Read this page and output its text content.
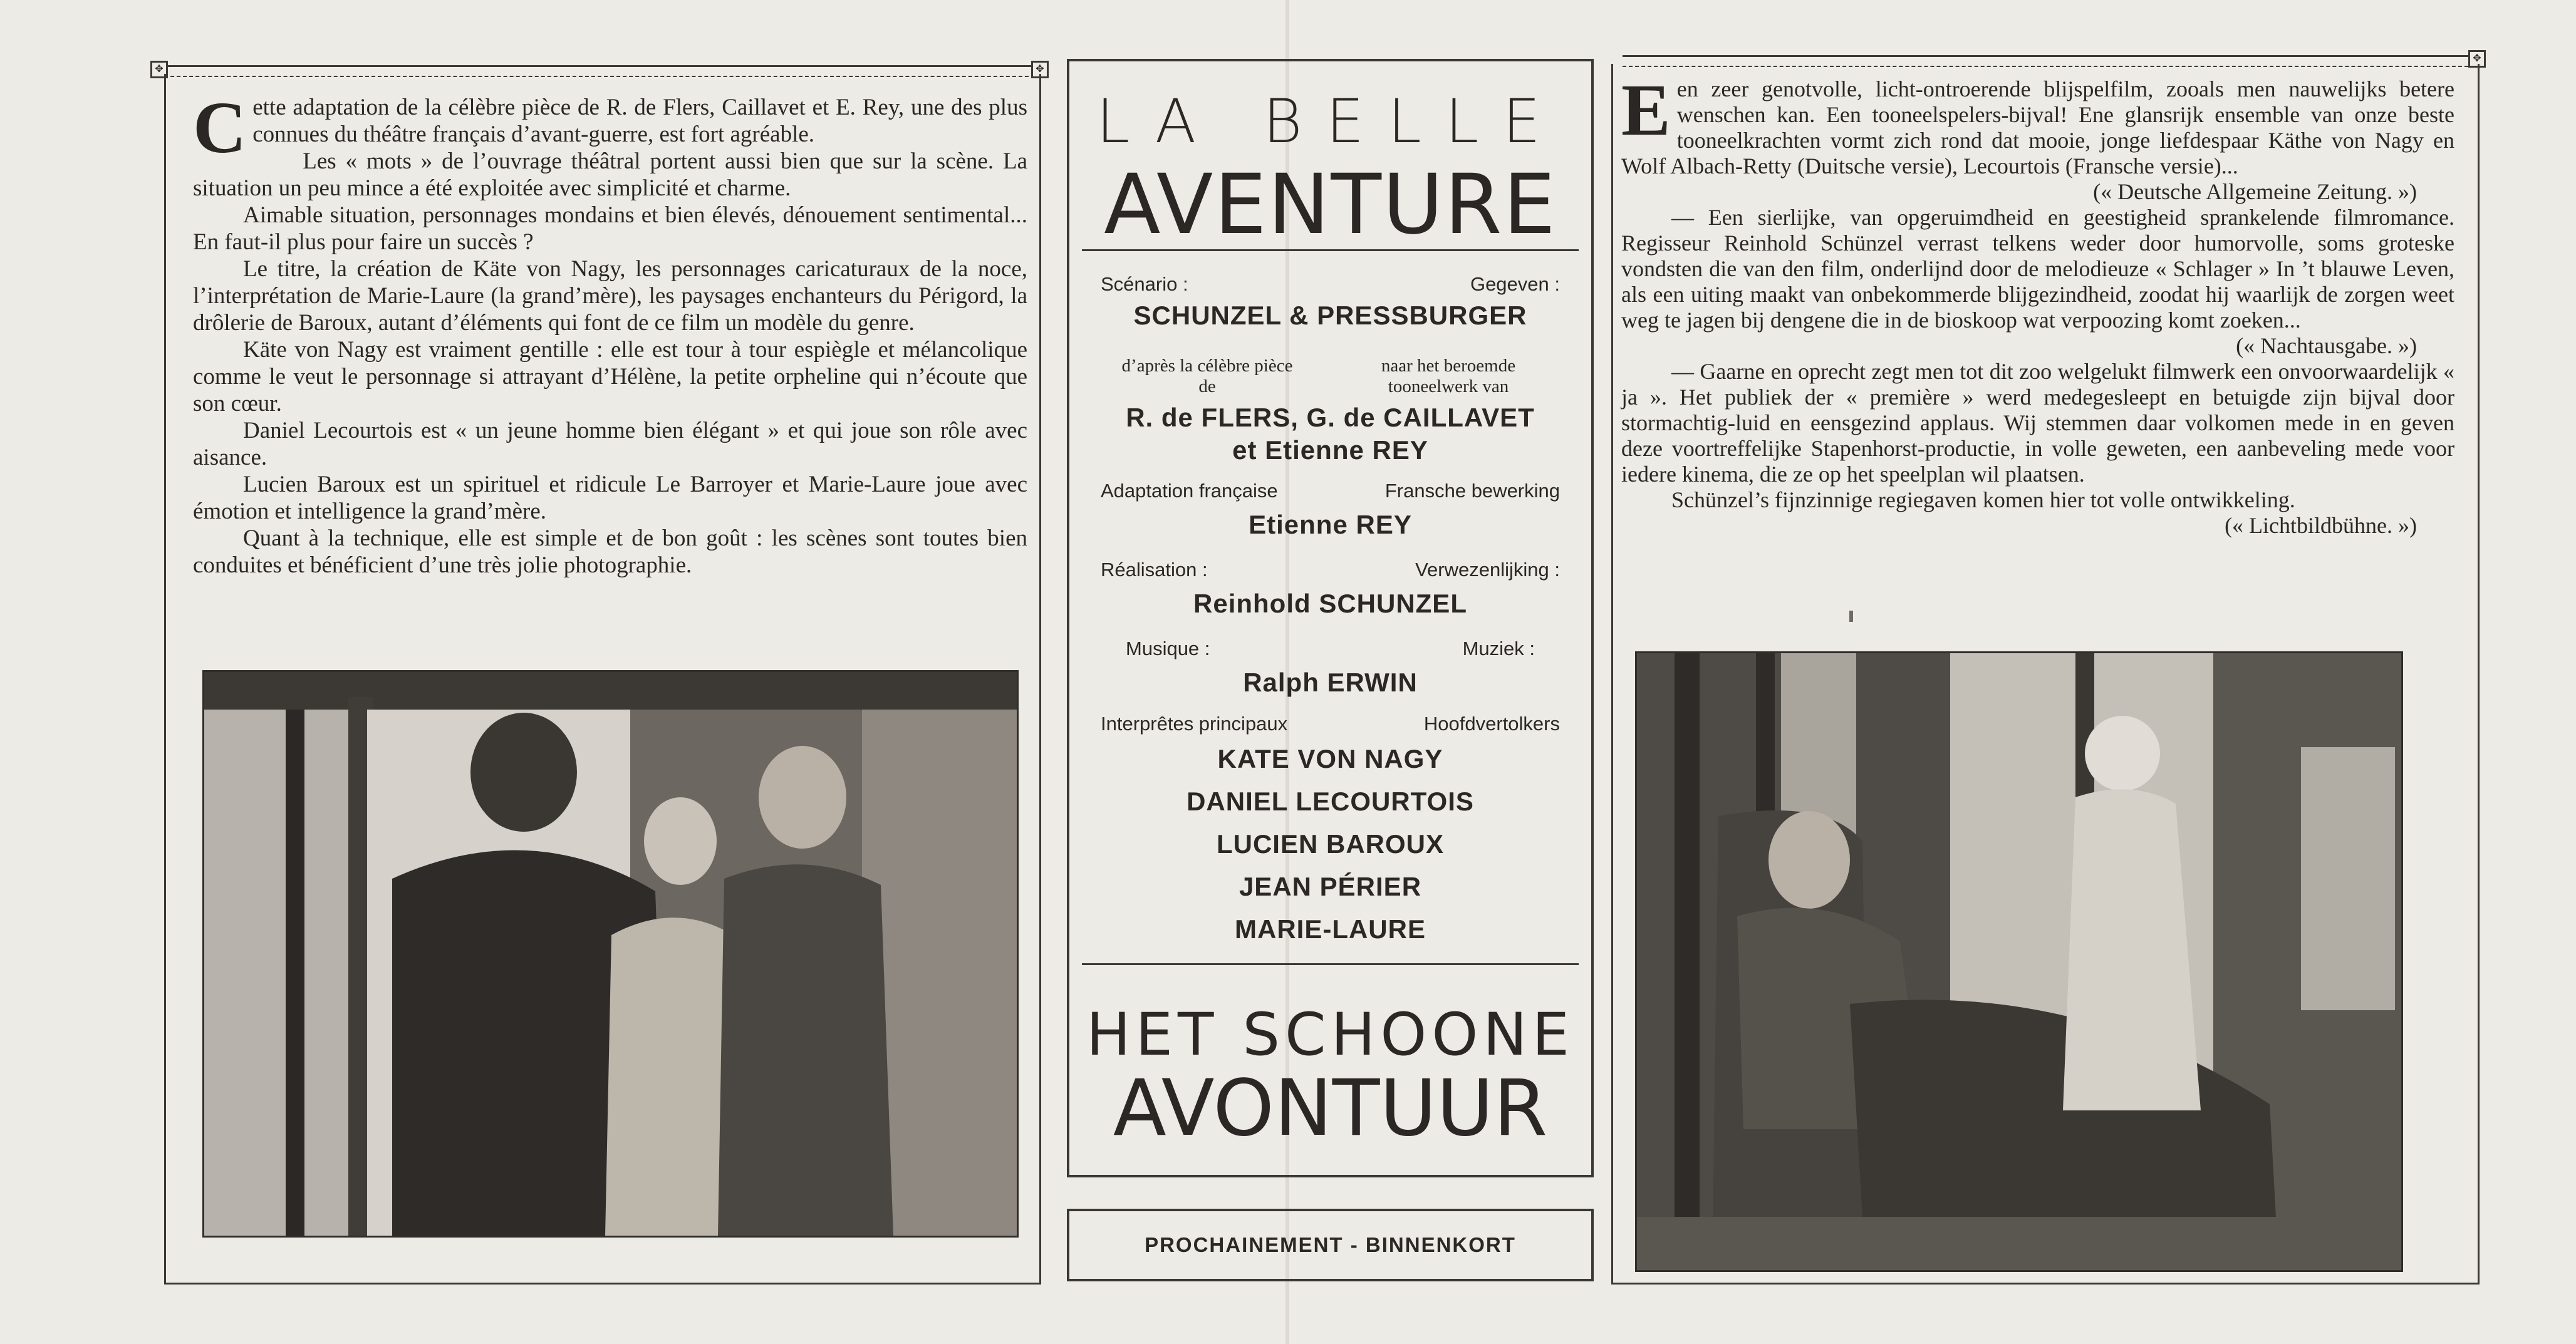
✥	✥

Cette adaptation de la célèbre pièce de R. de Flers, Caillavet et E. Rey, une des plus connues du théâtre français d’avant-guerre, est fort agréable.

Les « mots » de l’ouvrage théâtral portent aussi bien que sur la scène. La situation un peu mince a été exploitée avec simplicité et charme.

Aimable situation, personnages mondains et bien élevés, dénouement sentimental... En faut-il plus pour faire un succès ?

Le titre, la création de Käte von Nagy, les personnages caricaturaux de la noce, l’interprétation de Marie-Laure (la grand’mère), les paysages enchanteurs du Périgord, la drôlerie de Baroux, autant d’éléments qui font de ce film un modèle du genre.

Käte von Nagy est vraiment gentille : elle est tour à tour espiègle et mélancolique comme le veut le personnage si attrayant d’Hélène, la petite orpheline qui n’écoute que son cœur.

Daniel Lecourtois est « un jeune homme bien élégant » et qui joue son rôle avec aisance.

Lucien Baroux est un spirituel et ridicule Le Barroyer et Marie-Laure joue avec émotion et intelligence la grand’mère.

Quant à la technique, elle est simple et de bon goût : les scènes sont toutes bien conduites et bénéficient d’une très jolie photographie.

LA BELLE
AVENTURE
Scénario :	Gegeven :
SCHUNZEL & PRESSBURGER
d’après la célèbre pièce de
naar het beroemde tooneelwerk van
R. de FLERS, G. de CAILLAVET
et Etienne REY
Adaptation française	Fransche bewerking
Etienne REY
Réalisation :	Verwezenlijking :
Reinhold SCHUNZEL
Musique :	Muziek :
Ralph ERWIN
Interprêtes principaux	Hoofdvertolkers
KATE VON NAGY
DANIEL LECOURTOIS
LUCIEN BAROUX
JEAN PÉRIER
MARIE-LAURE
HET SCHOONE
AVONTUUR
PROCHAINEMENT - BINNENKORT
✥

Een zeer genotvolle, licht-ontroerende blijspelfilm, zooals men nauwelijks betere wenschen kan. Een tooneelspelers-bijval! Ene glansrijk ensemble van onze beste tooneelkrachten vormt zich rond dat mooie, jonge liefdespaar Käthe von Nagy en Wolf Albach-Retty (Duitsche versie), Lecourtois (Fransche versie)...

(« Deutsche Allgemeine Zeitung. »)

— Een sierlijke, van opgeruimdheid en geestigheid sprankelende filmromance. Regisseur Reinhold Schünzel verrast telkens weder door humorvolle, soms groteske vondsten die van den film, onderlijnd door de melodieuze « Schlager » In ’t blauwe Leven, als een uiting maakt van onbekommerde blijgezindheid, zoodat hij waarlijk de zorgen weet weg te jagen bij dengene die in de bioskoop wat verpoozing komt zoeken...

(« Nachtausgabe. »)

— Gaarne en oprecht zegt men tot dit zoo welgelukt filmwerk een onvoorwaardelijk « ja ». Het publiek der « première » werd medegesleept en betuigde zijn bijval door stormachtig-luid en eensgezind applaus. Wij stemmen daar volkomen mede in en geven deze voortreffelijke Stapenhorst-productie, in volle geweten, een aanbeveling mede voor iedere kinema, die ze op het speelplan wil plaatsen.

Schünzel’s fijnzinnige regiegaven komen hier tot volle ontwikkeling.

(« Lichtbildbühne. »)
